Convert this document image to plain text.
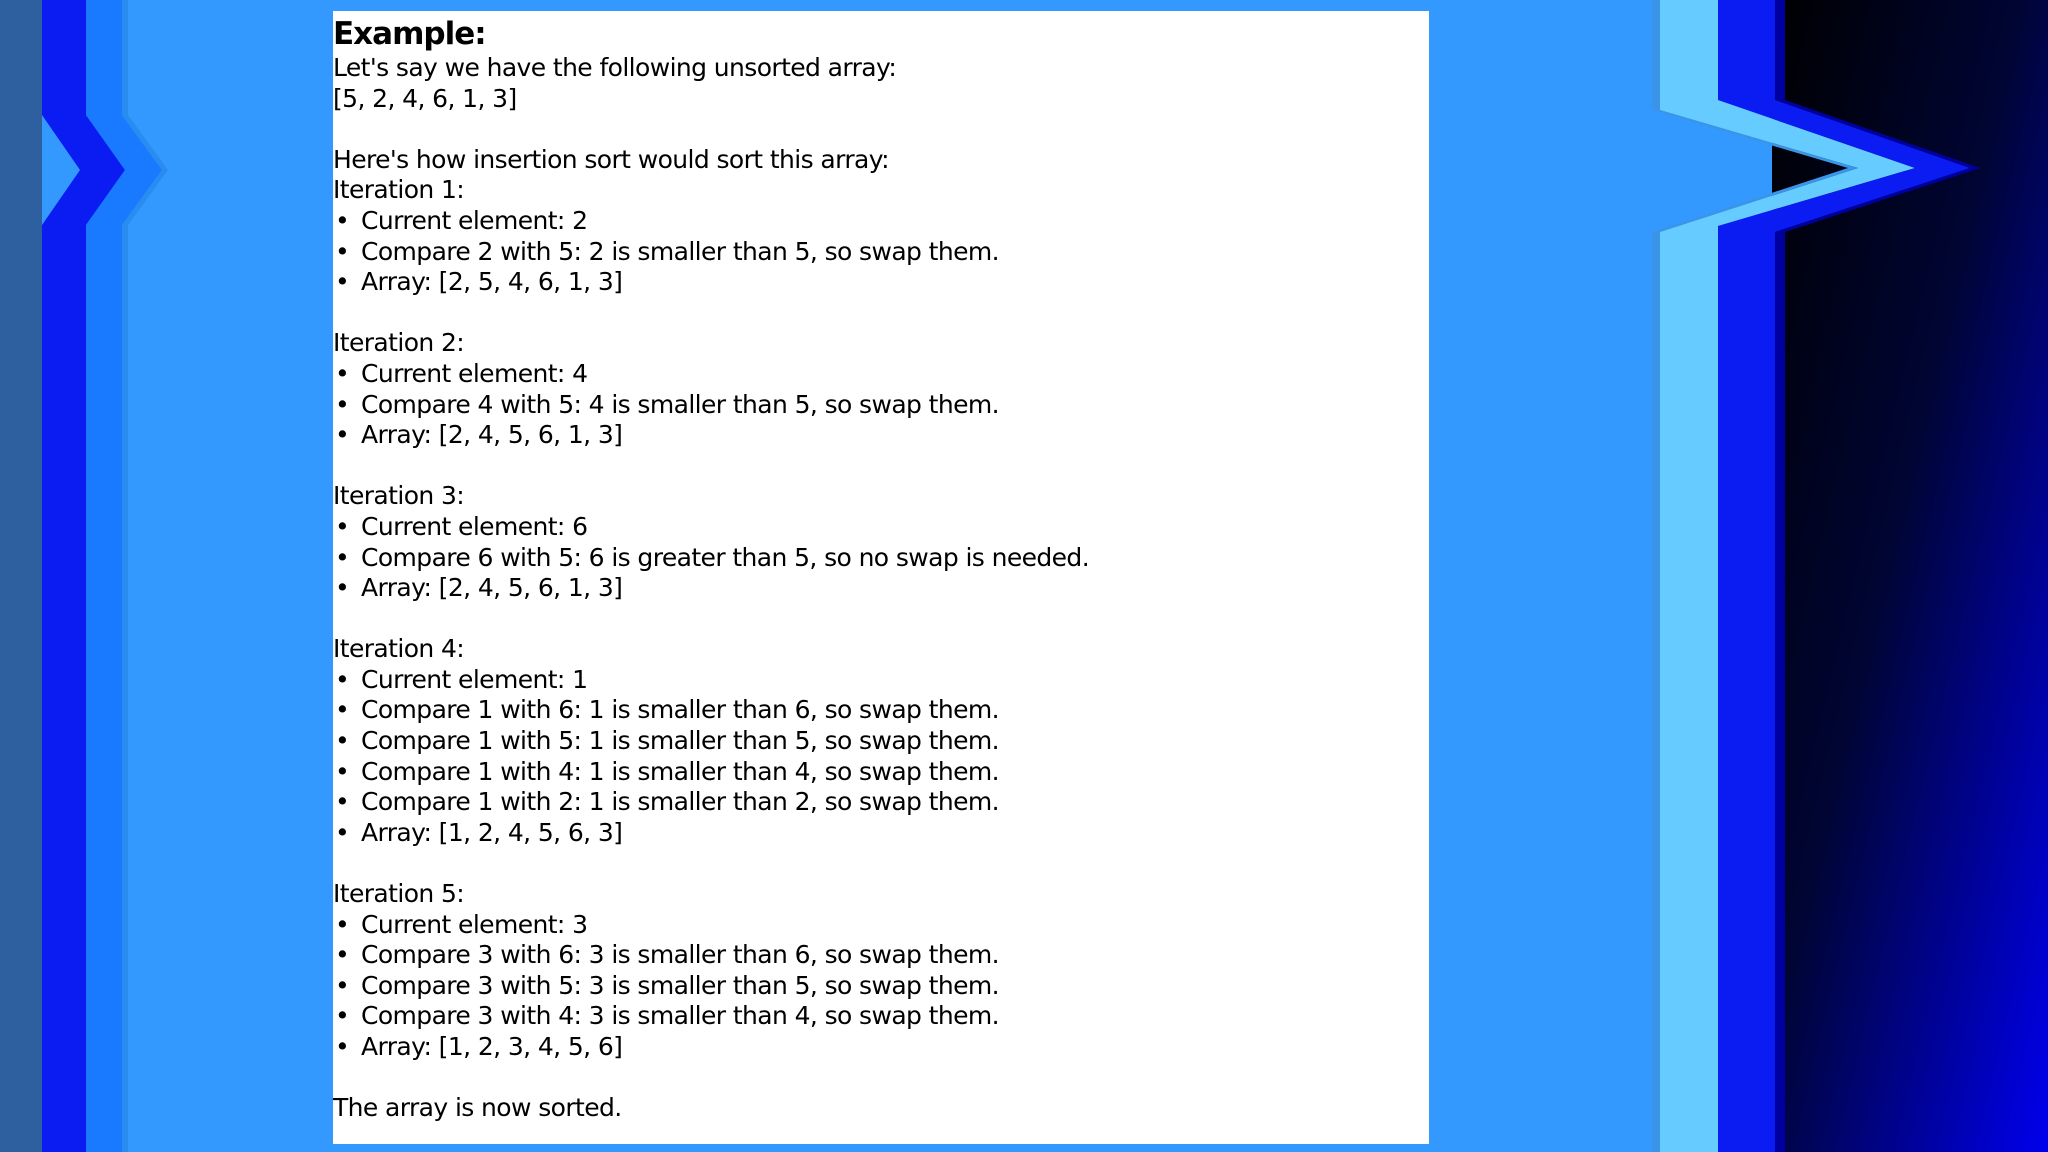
Example:
Let's say we have the following unsorted array:
[5, 2, 4, 6, 1, 3]
Here's how insertion sort would sort this array:
Iteration 1:
• Current element: 2
• Compare 2 with 5: 2 is smaller than 5, so swap them.
• Array: [2, 5, 4, 6, 1, 3]
Iteration 2:
• Current element: 4
• Compare 4 with 5: 4 is smaller than 5, so swap them.
• Array: [2, 4, 5, 6, 1, 3]
Iteration 3:
• Current element: 6
• Compare 6 with 5: 6 is greater than 5, so no swap is needed.
• Array: [2, 4, 5, 6, 1, 3]
Iteration 4:
• Current element: 1
• Compare 1 with 6: 1 is smaller than 6, so swap them.
• Compare 1 with 5: 1 is smaller than 5, so swap them.
• Compare 1 with 4: 1 is smaller than 4, so swap them.
• Compare 1 with 2: 1 is smaller than 2, so swap them.
• Array: [1, 2, 4, 5, 6, 3]
Iteration 5:
• Current element: 3
• Compare 3 with 6: 3 is smaller than 6, so swap them.
• Compare 3 with 5: 3 is smaller than 5, so swap them.
• Compare 3 with 4: 3 is smaller than 4, so swap them.
• Array: [1, 2, 3, 4, 5, 6]
The array is now sorted.
